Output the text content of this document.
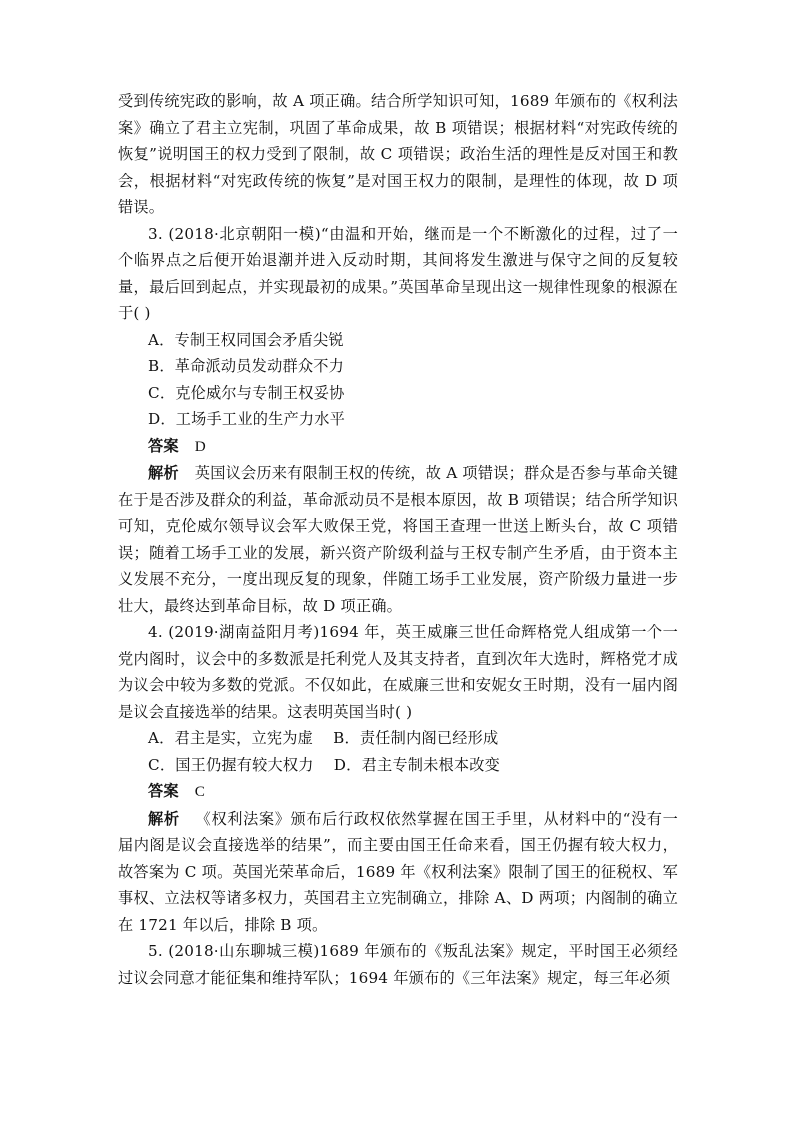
受到传统宪政的影响，故 A 项正确。结合所学知识可知，1689 年颁布的《权利法案》确立了君主立宪制，巩固了革命成果，故 B 项错误；根据材料“对宪政传统的恢复”说明国王的权力受到了限制，故 C 项错误；政治生活的理性是反对国王和教会，根据材料“对宪政传统的恢复”是对国王权力的限制，是理性的体现，故 D 项错误。

3. (2018·北京朝阳一模)“由温和开始，继而是一个不断激化的过程，过了一个临界点之后便开始退潮并进入反动时期，其间将发生激进与保守之间的反复较量，最后回到起点，并实现最初的成果。”英国革命呈现出这一规律性现象的根源在于( )

A．专制王权同国会矛盾尖锐

B．革命派动员发动群众不力

C．克伦威尔与专制王权妥协

D．工场手工业的生产力水平

答案 D

解析 英国议会历来有限制王权的传统，故 A 项错误；群众是否参与革命关键在于是否涉及群众的利益，革命派动员不是根本原因，故 B 项错误；结合所学知识可知，克伦威尔领导议会军大败保王党，将国王查理一世送上断头台，故 C 项错误；随着工场手工业的发展，新兴资产阶级利益与王权专制产生矛盾，由于资本主义发展不充分，一度出现反复的现象，伴随工场手工业发展，资产阶级力量进一步壮大，最终达到革命目标，故 D 项正确。

4. (2019·湖南益阳月考)1694 年，英王威廉三世任命辉格党人组成第一个一党内阁时，议会中的多数派是托利党人及其支持者，直到次年大选时，辉格党才成为议会中较为多数的党派。不仅如此，在威廉三世和安妮女王时期，没有一届内阁是议会直接选举的结果。这表明英国当时( )

A．君主是实，立宪为虚    B．责任制内阁已经形成

C．国王仍握有较大权力    D．君主专制未根本改变

答案 C

解析 《权利法案》颁布后行政权依然掌握在国王手里，从材料中的“没有一届内阁是议会直接选举的结果”，而主要由国王任命来看，国王仍握有较大权力，故答案为 C 项。英国光荣革命后，1689 年《权利法案》限制了国王的征税权、军事权、立法权等诸多权力，英国君主立宪制确立，排除 A、D 两项；内阁制的确立在 1721 年以后，排除 B 项。

5. (2018·山东聊城三模)1689 年颁布的《叛乱法案》规定，平时国王必须经过议会同意才能征集和维持军队；1694 年颁布的《三年法案》规定，每三年必须
